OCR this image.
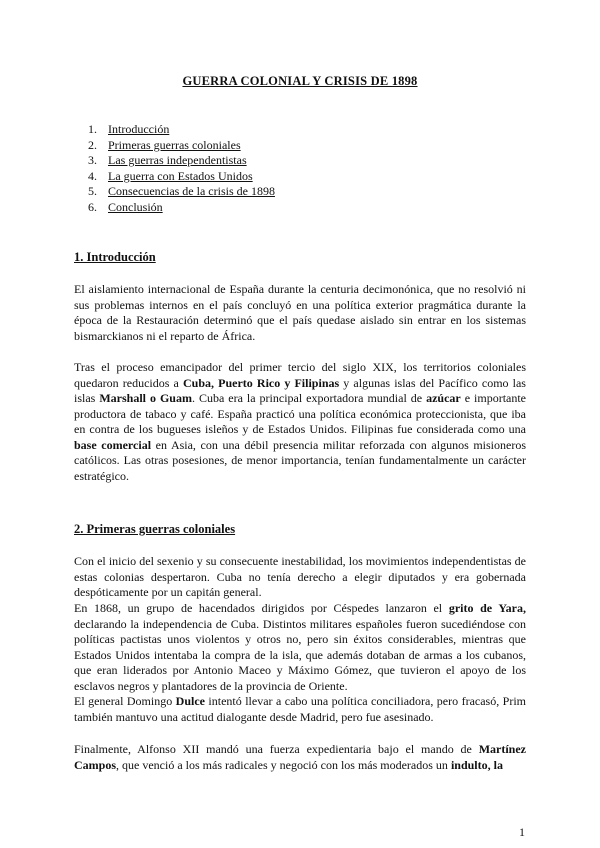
GUERRA COLONIAL Y CRISIS DE 1898
1. Introducción
2. Primeras guerras coloniales
3. Las guerras independentistas
4. La guerra con Estados Unidos
5. Consecuencias de la crisis de 1898
6. Conclusión
1. Introducción

El aislamiento internacional de España durante la centuria decimonónica, que no resolvió ni sus problemas internos en el país concluyó en una política exterior pragmática durante la época de la Restauración determinó que el país quedase aislado sin entrar en los sistemas bismarckianos ni el reparto de África.

Tras el proceso emancipador del primer tercio del siglo XIX, los territorios coloniales quedaron reducidos a Cuba, Puerto Rico y Filipinas y algunas islas del Pacífico como las islas Marshall o Guam. Cuba era la principal exportadora mundial de azúcar e importante productora de tabaco y café. España practicó una política económica proteccionista, que iba en contra de los bugueses isleños y de Estados Unidos. Filipinas fue considerada como una base comercial en Asia, con una débil presencia militar reforzada con algunos misioneros católicos. Las otras posesiones, de menor importancia, tenían fundamentalmente un carácter estratégico.

2. Primeras guerras coloniales

Con el inicio del sexenio y su consecuente inestabilidad, los movimientos independentistas de estas colonias despertaron. Cuba no tenía derecho a elegir diputados y era gobernada despóticamente por un capitán general.

En 1868, un grupo de hacendados dirigidos por Céspedes lanzaron el grito de Yara, declarando la independencia de Cuba. Distintos militares españoles fueron sucediéndose con políticas pactistas unos violentos y otros no, pero sin éxitos considerables, mientras que Estados Unidos intentaba la compra de la isla, que además dotaban de armas a los cubanos, que eran liderados por Antonio Maceo y Máximo Gómez, que tuvieron el apoyo de los esclavos negros y plantadores de la provincia de Oriente.

El general Domingo Dulce intentó llevar a cabo una política conciliadora, pero fracasó, Prim también mantuvo una actitud dialogante desde Madrid, pero fue asesinado.

Finalmente, Alfonso XII mandó una fuerza expedientaria bajo el mando de Martínez Campos, que venció a los más radicales y negoció con los más moderados un indulto, la

1
